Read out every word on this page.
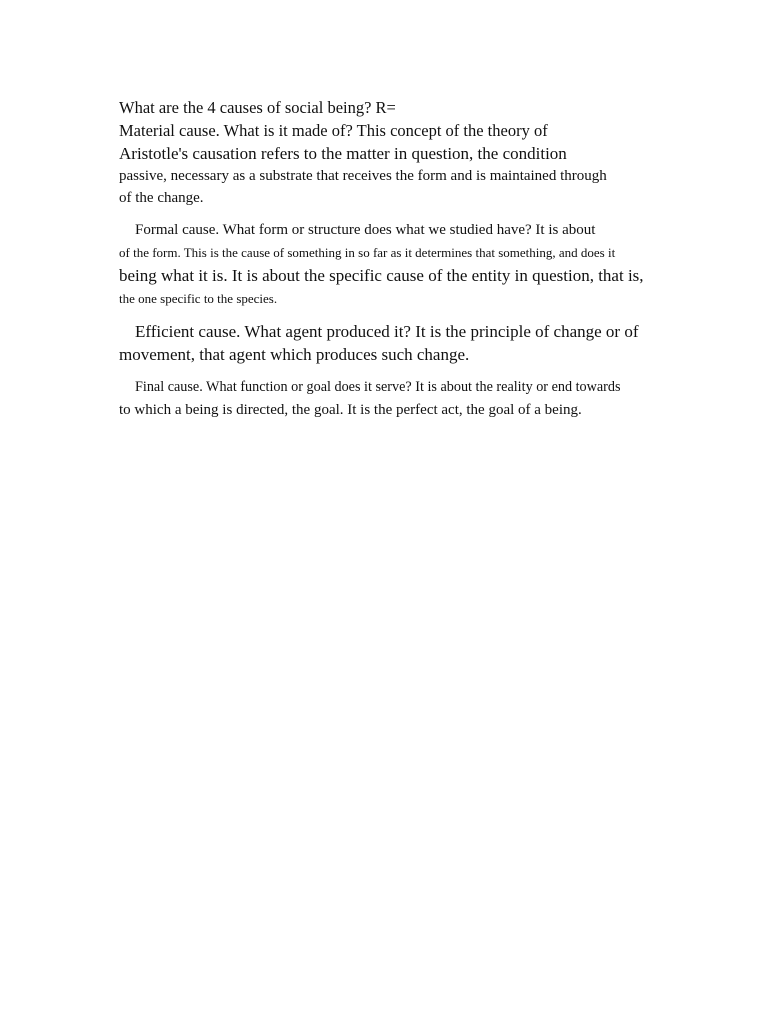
What are the 4 causes of social being? R=
Material cause. What is it made of? This concept of the theory of
Aristotle's causation refers to the matter in question, the condition
passive, necessary as a substrate that receives the form and is maintained through
of the change.
Formal cause. What form or structure does what we studied have? It is about
of the form. This is the cause of something in so far as it determines that something, and does it
being what it is. It is about the specific cause of the entity in question, that is,
the one specific to the species.
Efficient cause. What agent produced it? It is the principle of change or of
movement, that agent which produces such change.
Final cause. What function or goal does it serve? It is about the reality or end towards
to which a being is directed, the goal. It is the perfect act, the goal of a being.
